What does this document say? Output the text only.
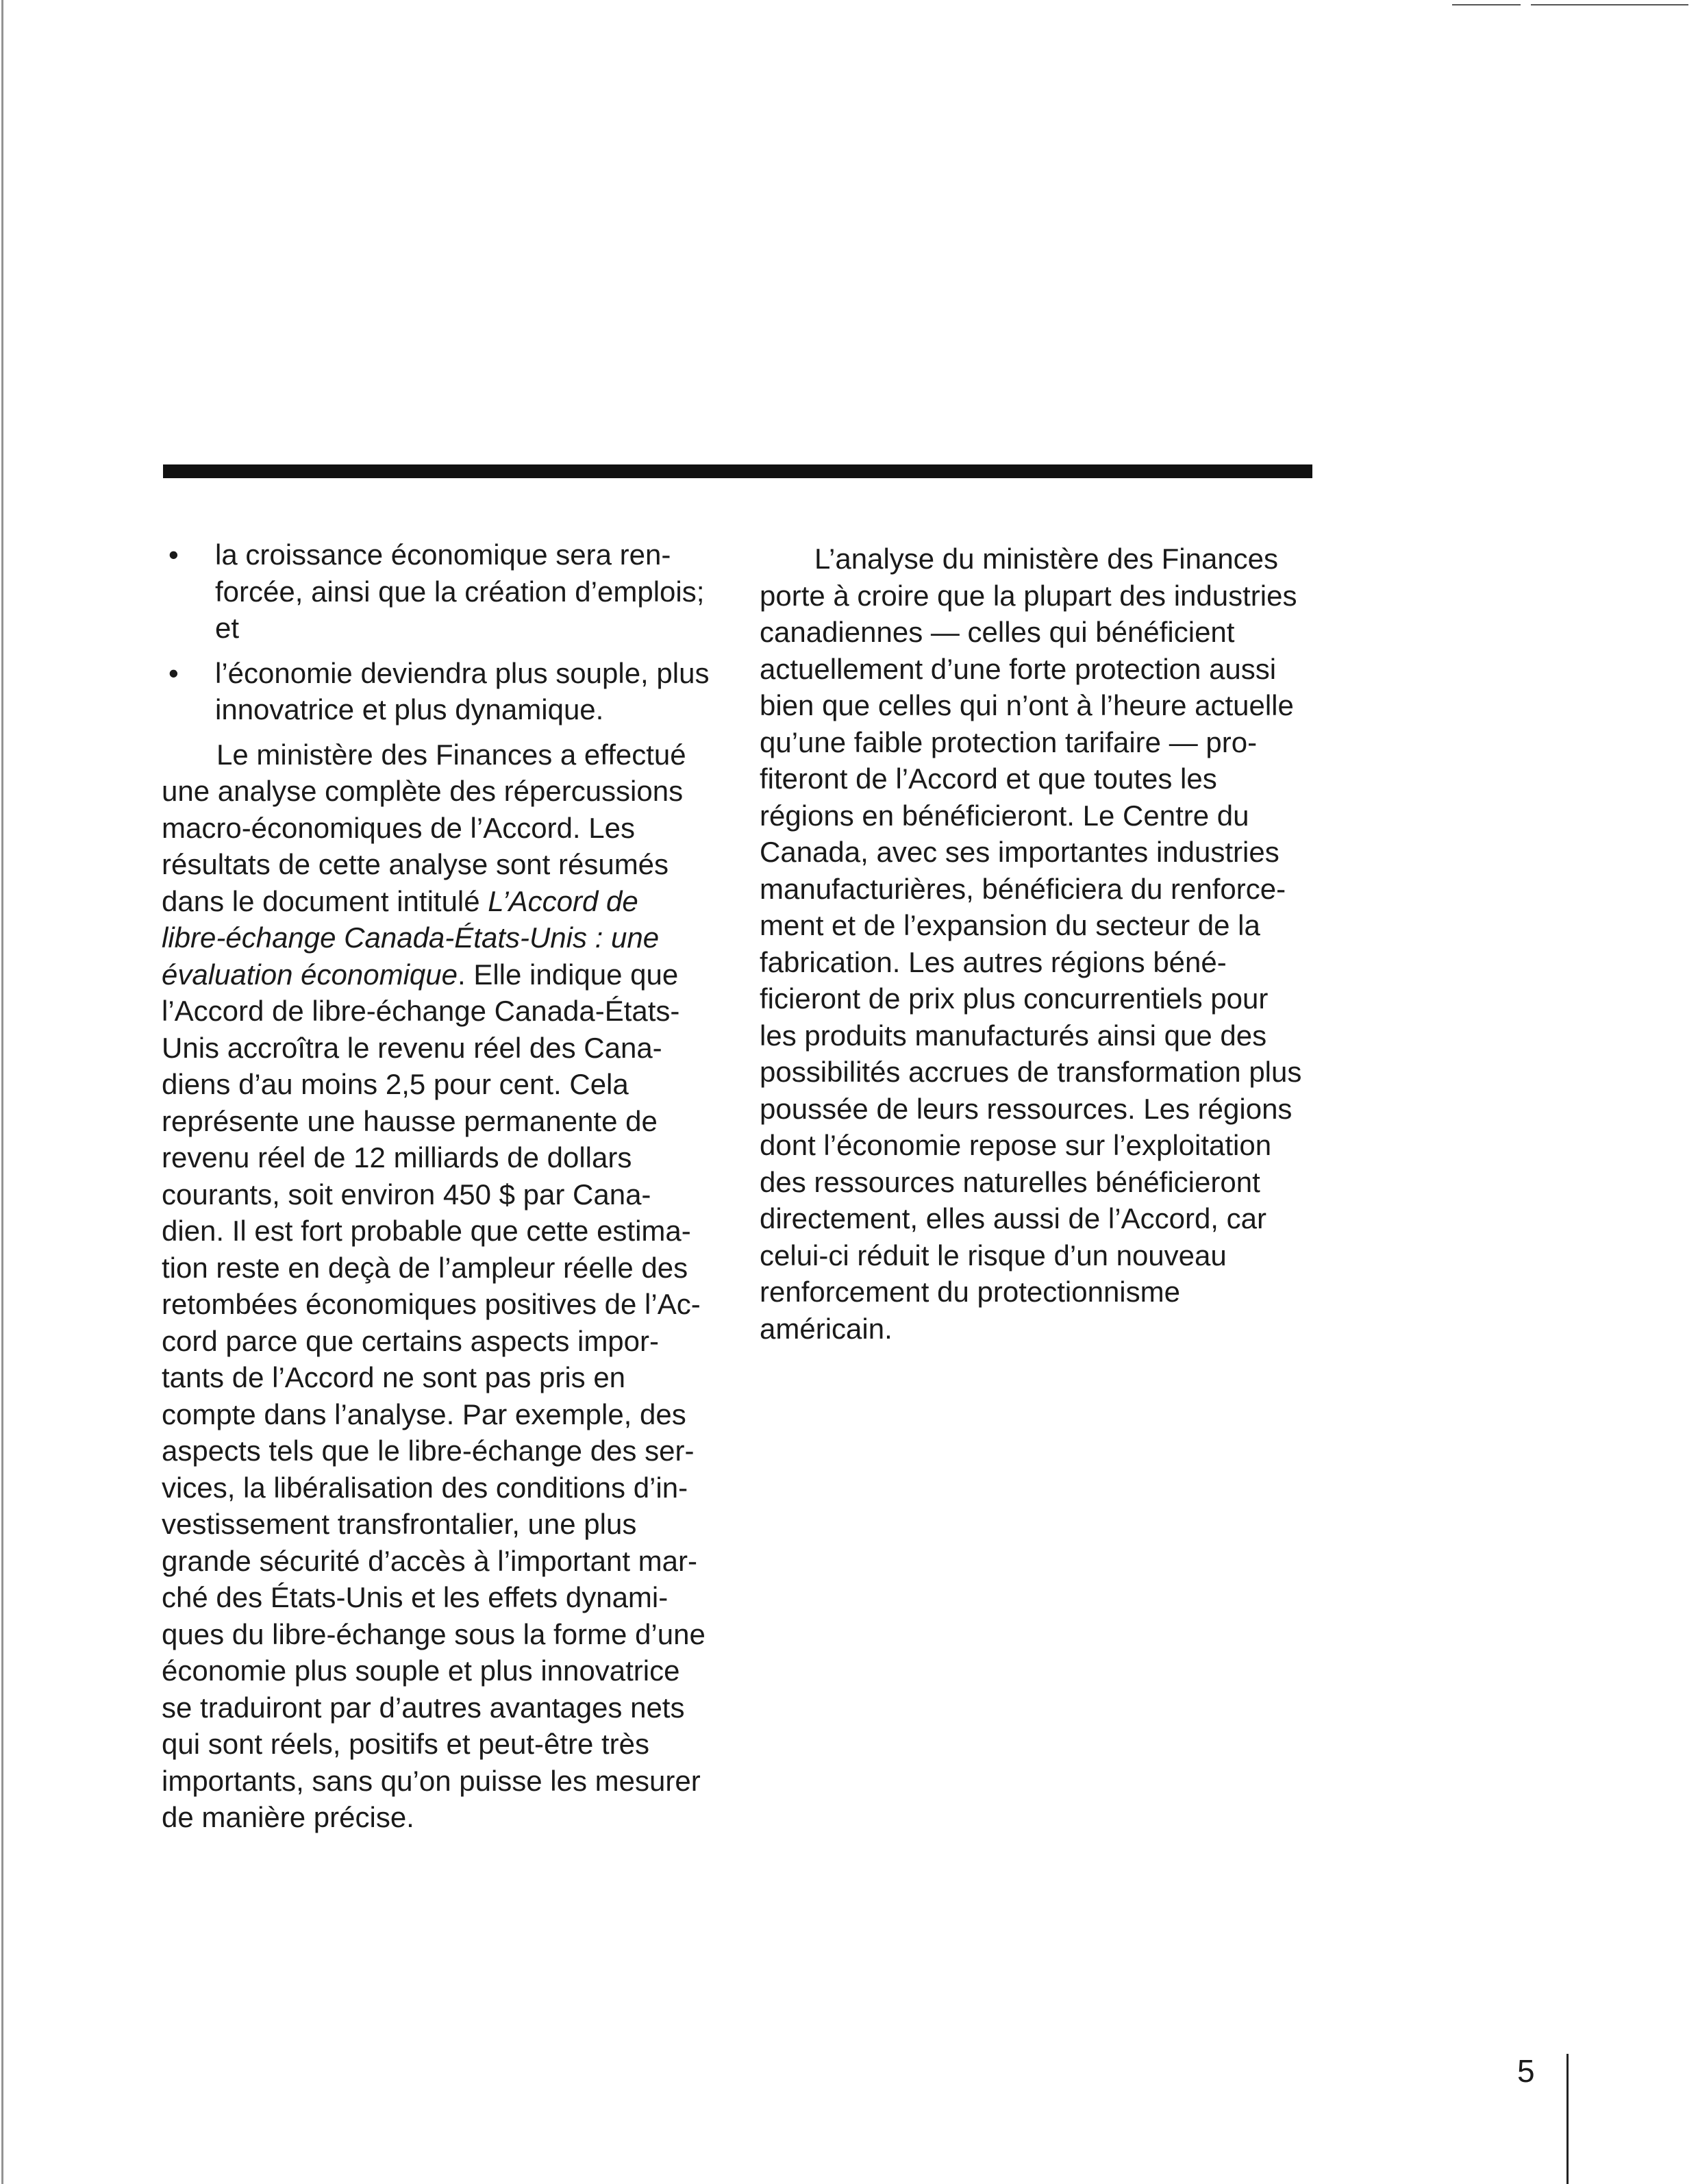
• la croissance économique sera ren-
forcée, ainsi que la création d’emplois;
et
• l’économie deviendra plus souple, plus
innovatrice et plus dynamique.
Le ministère des Finances a effectué
une analyse complète des répercussions
macro-économiques de l’Accord. Les
résultats de cette analyse sont résumés
dans le document intitulé L’Accord de
libre-échange Canada-États-Unis : une
évaluation économique. Elle indique que
l’Accord de libre-échange Canada-États-
Unis accroîtra le revenu réel des Cana-
diens d’au moins 2,5 pour cent. Cela
représente une hausse permanente de
revenu réel de 12 milliards de dollars
courants, soit environ 450 $ par Cana-
dien. Il est fort probable que cette estima-
tion reste en deçà de l’ampleur réelle des
retombées économiques positives de l’Ac-
cord parce que certains aspects impor-
tants de l’Accord ne sont pas pris en
compte dans l’analyse. Par exemple, des
aspects tels que le libre-échange des ser-
vices, la libéralisation des conditions d’in-
vestissement transfrontalier, une plus
grande sécurité d’accès à l’important mar-
ché des États-Unis et les effets dynami-
ques du libre-échange sous la forme d’une
économie plus souple et plus innovatrice
se traduiront par d’autres avantages nets
qui sont réels, positifs et peut-être très
importants, sans qu’on puisse les mesurer
de manière précise.
L’analyse du ministère des Finances
porte à croire que la plupart des industries
canadiennes — celles qui bénéficient
actuellement d’une forte protection aussi
bien que celles qui n’ont à l’heure actuelle
qu’une faible protection tarifaire — pro-
fiteront de l’Accord et que toutes les
régions en bénéficieront. Le Centre du
Canada, avec ses importantes industries
manufacturières, bénéficiera du renforce-
ment et de l’expansion du secteur de la
fabrication. Les autres régions béné-
ficieront de prix plus concurrentiels pour
les produits manufacturés ainsi que des
possibilités accrues de transformation plus
poussée de leurs ressources. Les régions
dont l’économie repose sur l’exploitation
des ressources naturelles bénéficieront
directement, elles aussi de l’Accord, car
celui-ci réduit le risque d’un nouveau
renforcement du protectionnisme
américain.
5
